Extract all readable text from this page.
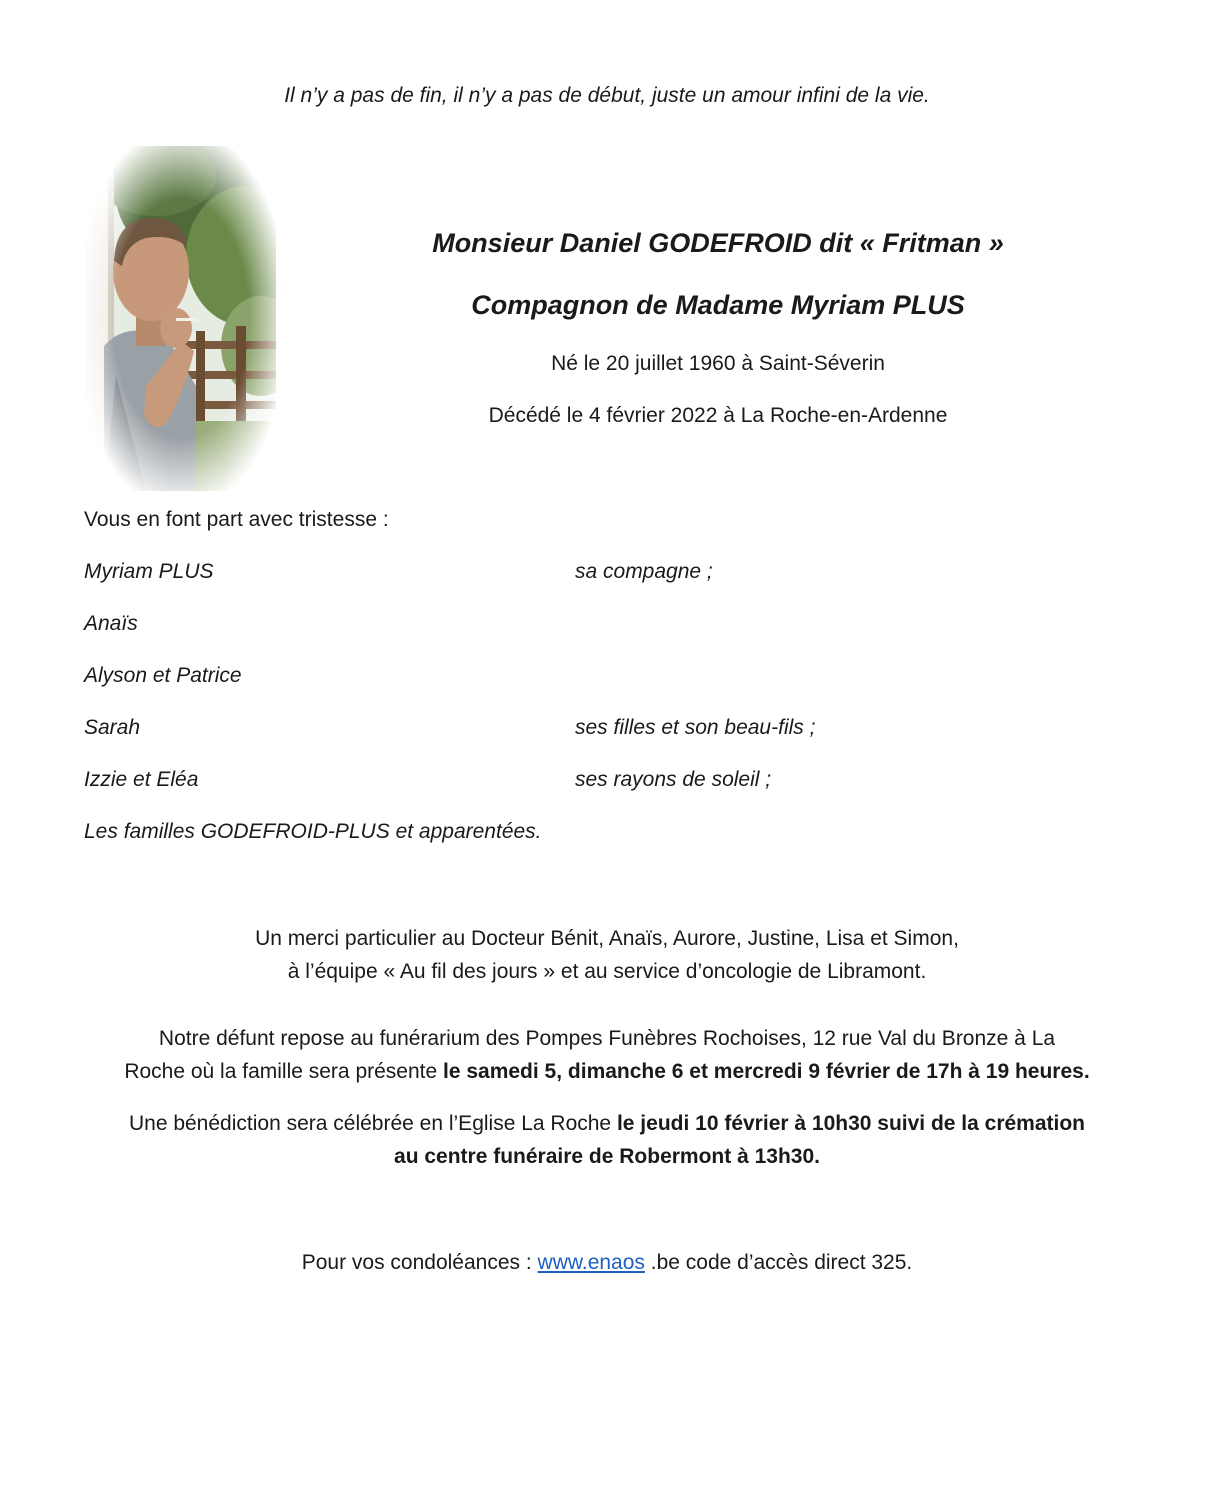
Il n’y a pas de fin, il n’y a pas de début, juste un amour infini de la vie.
Monsieur Daniel GODEFROID dit « Fritman »
Compagnon de Madame Myriam PLUS
Né le 20 juillet 1960 à Saint-Séverin
Décédé le 4 février 2022 à La Roche-en-Ardenne
Vous en font part avec tristesse :
Myriam PLUS	sa compagne ;
Anaïs
Alyson et Patrice
Sarah	ses filles et son beau-fils ;
Izzie et Eléa	ses rayons de soleil ;
Les familles GODEFROID-PLUS et apparentées.
Un merci particulier au Docteur Bénit, Anaïs, Aurore, Justine, Lisa et Simon,
à l’équipe « Au fil des jours » et au service d’oncologie de Libramont.
Notre défunt repose au funérarium des Pompes Funèbres Rochoises, 12 rue Val du Bronze à La
Roche où la famille sera présente le samedi 5, dimanche 6 et mercredi 9 février de 17h à 19 heures.
Une bénédiction sera célébrée en l’Eglise La Roche le jeudi 10 février à 10h30 suivi de la crémation
au centre funéraire de Robermont à 13h30.
Pour vos condoléances : www.enaos .be code d’accès direct 325.
